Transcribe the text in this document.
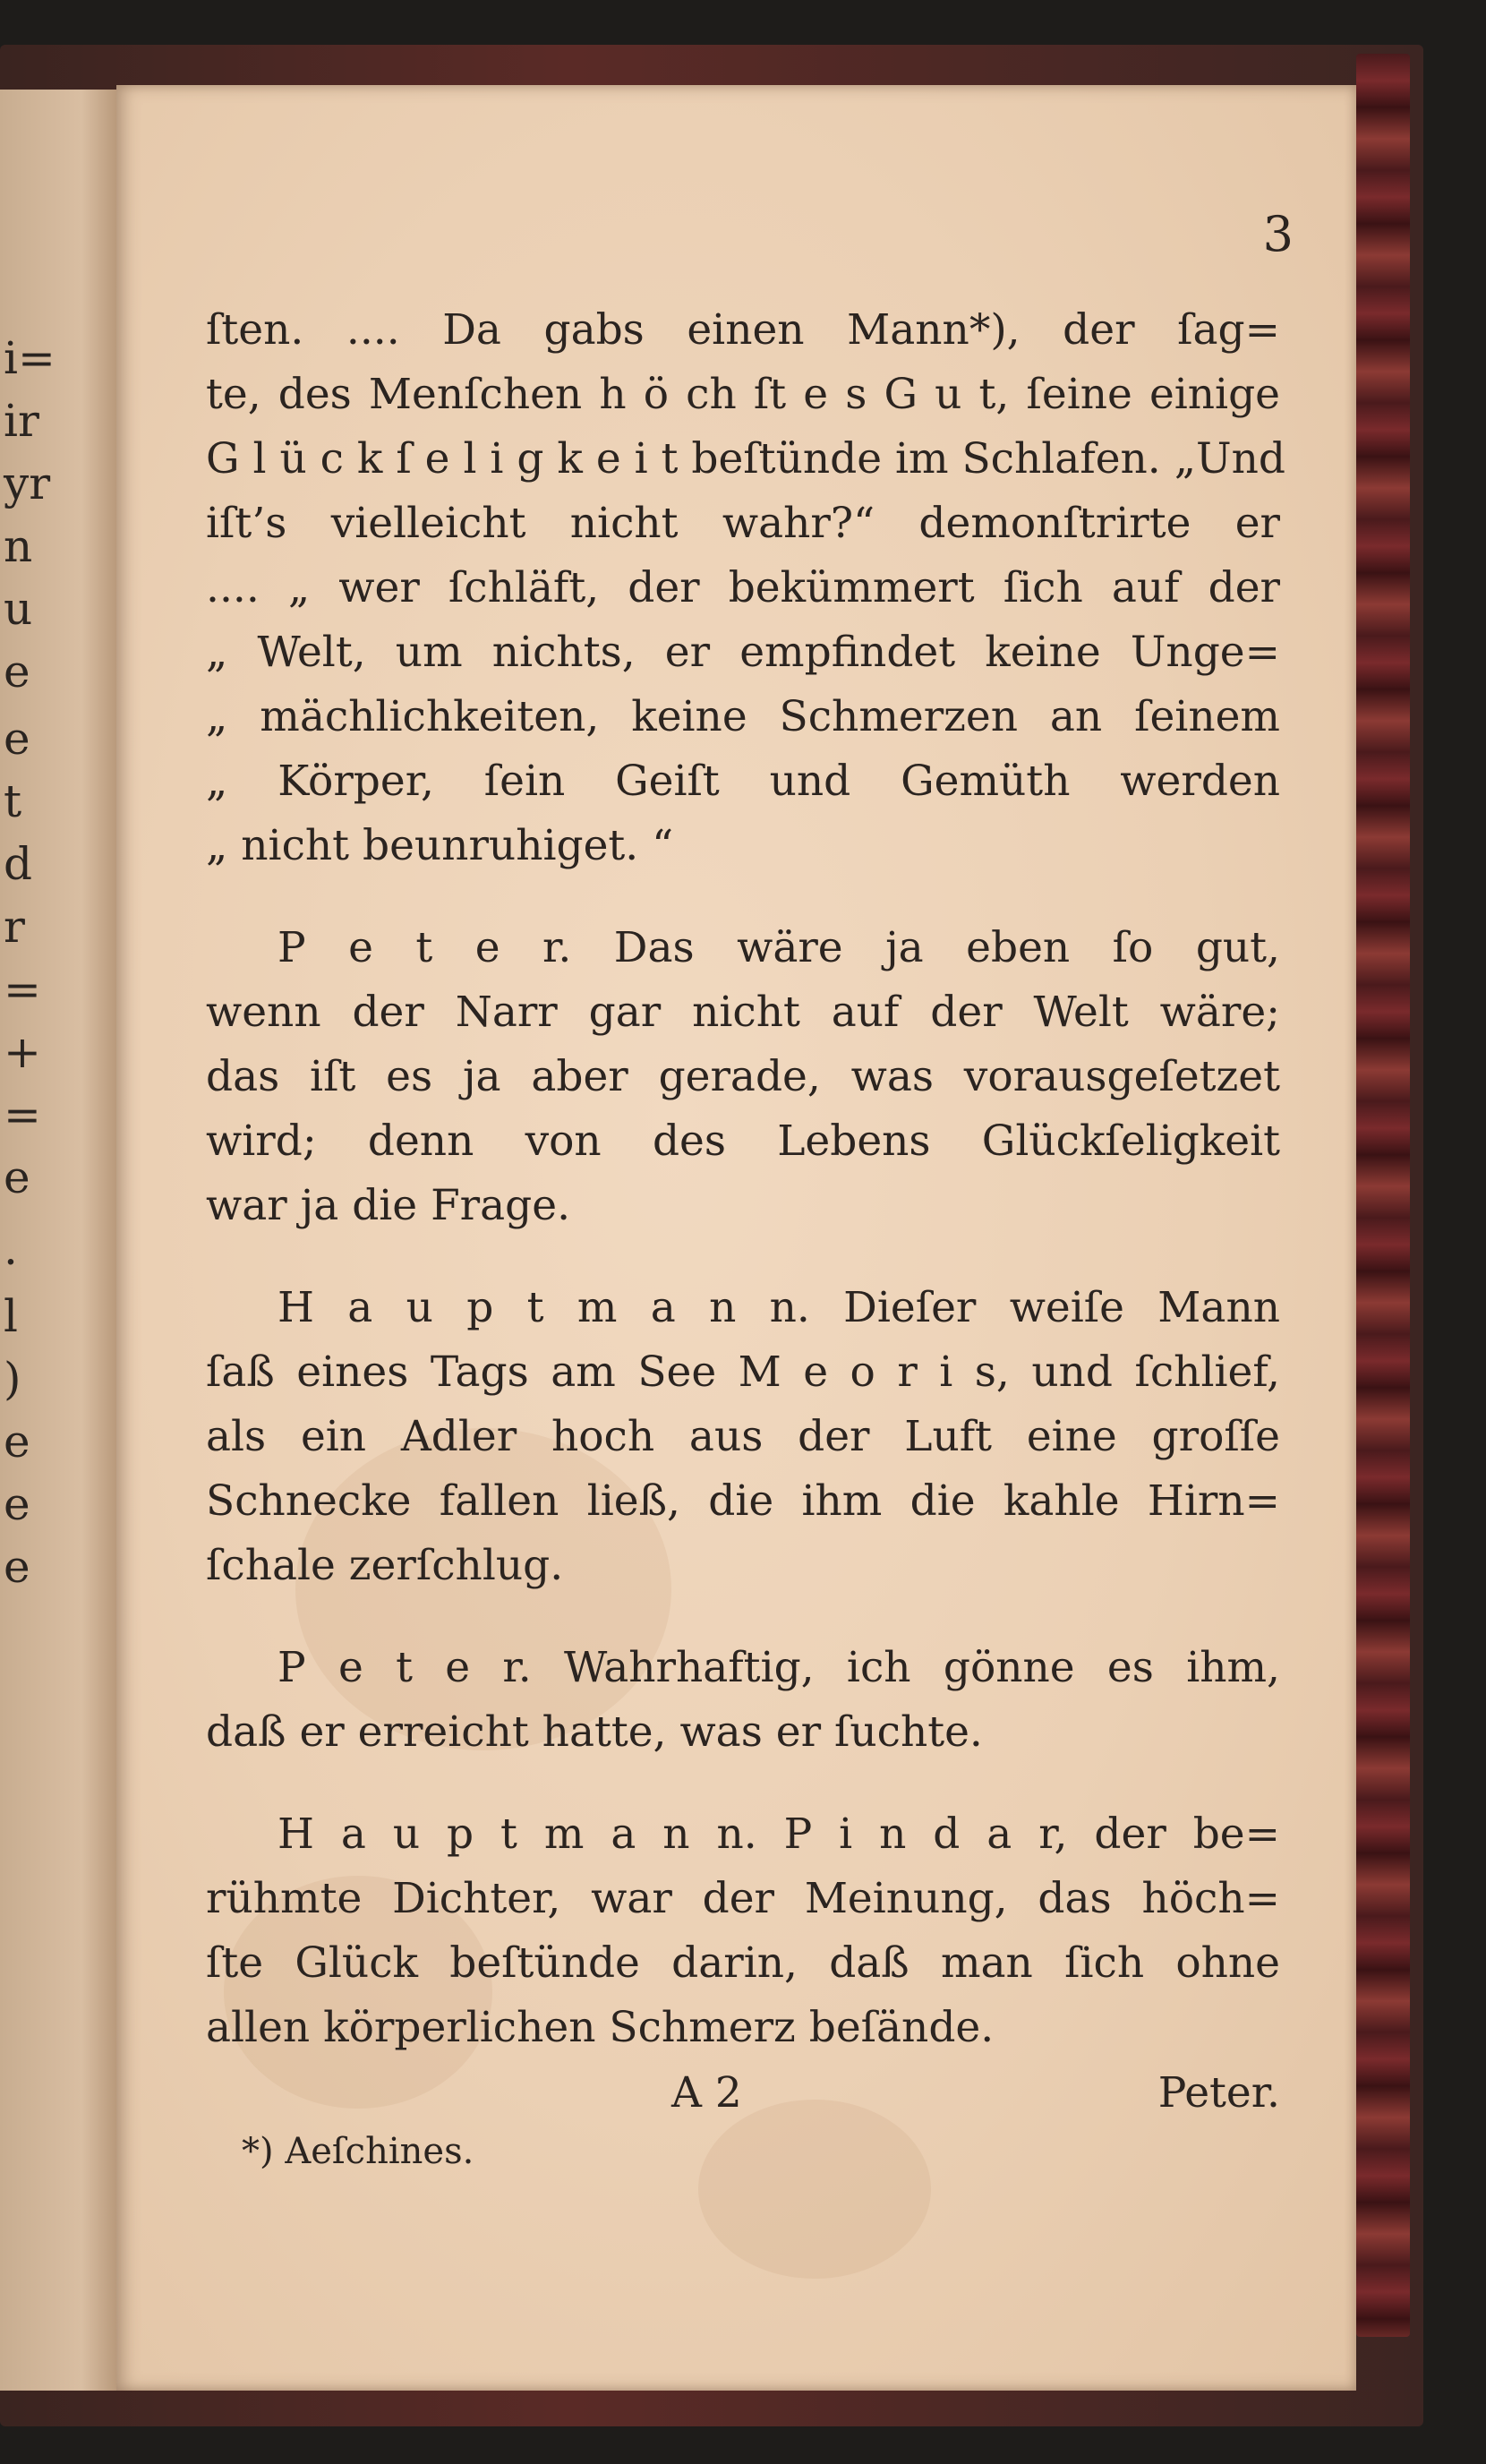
i=
ir
yr
n
u
e
e
t
d
r
=
+
=
e
.
l
)
e
e
e
3
ſten. .... Da gabs einen Mann*), der ſag=
te, des Menſchen h ö ch ſt e s G u t, ſeine einige
G l ü c k ſ e l i g k e i t beſtünde im Schlafen. „Und
iſt’s vielleicht nicht wahr?“ demonſtrirte er
.... „ wer ſchläft, der bekümmert ſich auf der
„ Welt, um nichts, er empfindet keine Unge=
„ mächlichkeiten, keine Schmerzen an ſeinem
„ Körper, ſein Geiſt und Gemüth werden
„ nicht beunruhiget. “
P e t e r. Das wäre ja eben ſo gut,
wenn der Narr gar nicht auf der Welt wäre;
das iſt es ja aber gerade, was vorausgeſetzet
wird; denn von des Lebens Glückſeligkeit
war ja die Frage.
H a u p t m a n n. Dieſer weiſe Mann
ſaß eines Tags am See M e o r i s, und ſchlief,
als ein Adler hoch aus der Luft eine groſſe
Schnecke fallen ließ, die ihm die kahle Hirn=
ſchale zerſchlug.
P e t e r. Wahrhaftig, ich gönne es ihm,
daß er erreicht hatte, was er ſuchte.
H a u p t m a n n. P i n d a r, der be=
rühmte Dichter, war der Meinung, das höch=
ſte Glück beſtünde darin, daß man ſich ohne
allen körperlichen Schmerz beſände.
A 2	Peter.
*) Aeſchines.
